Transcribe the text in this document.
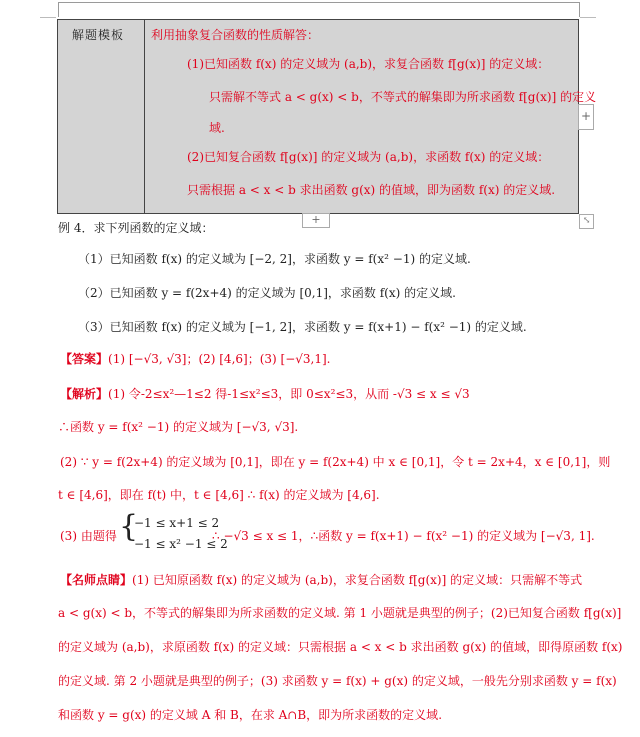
解题模板 利用抽象复合函数的性质解答：
(1)已知函数 f(x) 的定义域为 (a,b)，求复合函数 f[g(x)] 的定义域：
只需解不等式 a < g(x) < b，不等式的解集即为所求函数 f[g(x)] 的定义
域.
(2)已知复合函数 f[g(x)] 的定义域为 (a,b)，求函数 f(x) 的定义域：
只需根据 a < x < b 求出函数 g(x) 的值域，即为函数 f(x) 的定义域.
+
+	⤡
例 4．求下列函数的定义域：
（1）已知函数 f(x) 的定义域为 [−2, 2]，求函数 y = f(x² −1) 的定义域.
（2）已知函数 y = f(2x+4) 的定义域为 [0,1]，求函数 f(x) 的定义域.
（3）已知函数 f(x) 的定义域为 [−1, 2]，求函数 y = f(x+1) − f(x² −1) 的定义域.
【答案】(1) [−√3, √3]；(2) [4,6]；(3) [−√3,1].
【解析】(1) 令-2≤x²—1≤2 得-1≤x²≤3，即 0≤x²≤3，从而 -√3 ≤ x ≤ √3
∴函数 y = f(x² −1) 的定义域为 [−√3, √3].
(2) ∵ y = f(2x+4) 的定义域为 [0,1]，即在 y = f(2x+4) 中 x ∈ [0,1]，令 t = 2x+4，x ∈ [0,1]，则
t ∈ [4,6]，即在 f(t) 中，t ∈ [4,6] ∴ f(x) 的定义域为 [4,6].
(3) 由题得 {
−1 ≤ x+1 ≤ 2
−1 ≤ x² −1 ≤ 2
∴ −√3 ≤ x ≤ 1，∴函数 y = f(x+1) − f(x² −1) 的定义域为 [−√3, 1].
【名师点睛】(1) 已知原函数 f(x) 的定义域为 (a,b)，求复合函数 f[g(x)] 的定义域：只需解不等式
a < g(x) < b，不等式的解集即为所求函数的定义域. 第 1 小题就是典型的例子；(2)已知复合函数 f[g(x)]
的定义域为 (a,b)，求原函数 f(x) 的定义域：只需根据 a < x < b 求出函数 g(x) 的值域，即得原函数 f(x)
的定义域. 第 2 小题就是典型的例子；(3) 求函数 y = f(x) + g(x) 的定义域，一般先分别求函数 y = f(x)
和函数 y = g(x) 的定义域 A 和 B，在求 A∩B，即为所求函数的定义域.
